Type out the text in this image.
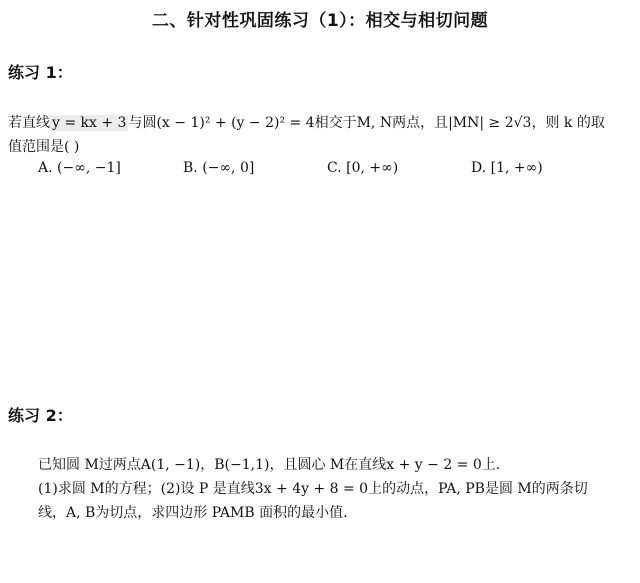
二、针对性巩固练习（1）：相交与相切问题
练习 1：
若直线 y = kx + 3 与圆(x − 1)² + (y − 2)² = 4相交于M, N两点，且|MN| ≥ 2√3，则 k 的取
值范围是( )
A. (−∞, −1]	B. (−∞, 0]	C. [0, +∞)	D. [1, +∞)
练习 2：
已知圆 M过两点A(1, −1)，B(−1,1)，且圆心 M在直线x + y − 2 = 0上.
(1)求圆 M的方程；(2)设 P 是直线3x + 4y + 8 = 0上的动点，PA, PB是圆 M的两条切
线，A, B为切点，求四边形 PAMB 面积的最小值.
